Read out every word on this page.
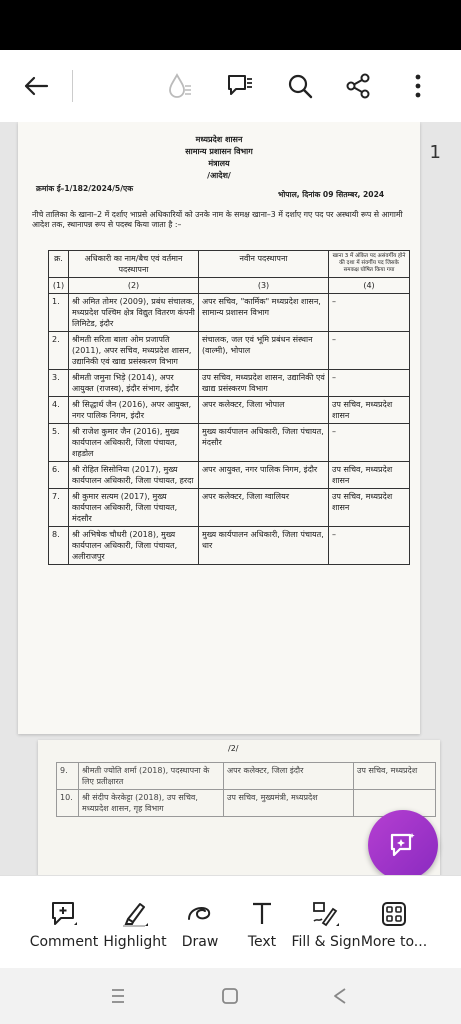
मध्यप्रदेश शासन
सामान्य प्रशासन विभाग
मंत्रालय
/आदेश/
क्रमांक ई–1/182/2024/5/एक
भोपाल, दिनांक 09 सितम्बर, 2024
नीचे तालिका के खाना–2 में दर्शाए भाप्रसे अधिकारियों को उनके नाम के समक्ष खाना–3 में दर्शाए गए पद पर अस्थायी रूप से आगामी आदेश तक, स्थानापन्न रूप से पदस्थ किया जाता है :–
क्र.	अधिकारी का नाम/बैच एवं वर्तमान पदस्थापना	नवीन पदस्थापना	खाना 3 में अंकित पद असंवर्गीय होने की दशा में संवर्गीय पद जिसके समकक्ष घोषित किया गया
(1)	(2)	(3)	(4)
1.	श्री अमित तोमर (2009), प्रबंध संचालक, मध्यप्रदेश पश्चिम क्षेत्र विद्युत वितरण कंपनी लिमिटेड, इंदौर	अपर सचिव, "कार्मिक" मध्यप्रदेश शासन, सामान्य प्रशासन विभाग	–
2.	श्रीमती सरिता बाला ओम प्रजापति (2011), अपर सचिव, मध्यप्रदेश शासन, उद्यानिकी एवं खाद्य प्रसंस्करण विभाग	संचालक, जल एवं भूमि प्रबंधन संस्थान (वाल्मी), भोपाल	–
3.	श्रीमती जमुना भिड़े (2014), अपर आयुक्त (राजस्व), इंदौर संभाग, इंदौर	उप सचिव, मध्यप्रदेश शासन, उद्यानिकी एवं खाद्य प्रसंस्करण विभाग	–
4.	श्री सिद्धार्थ जैन (2016), अपर आयुक्त, नगर पालिक निगम, इंदौर	अपर कलेक्टर, जिला भोपाल	उप सचिव, मध्यप्रदेश शासन
5.	श्री राजेश कुमार जैन (2016), मुख्य कार्यपालन अधिकारी, जिला पंचायत, शहडोल	मुख्य कार्यपालन अधिकारी, जिला पंचायत, मंदसौर	–
6.	श्री रोहित सिसोनिया (2017), मुख्य कार्यपालन अधिकारी, जिला पंचायत, हरदा	अपर आयुक्त, नगर पालिक निगम, इंदौर	उप सचिव, मध्यप्रदेश शासन
7.	श्री कुमार सत्यम (2017), मुख्य कार्यपालन अधिकारी, जिला पंचायत, मंदसौर	अपर कलेक्टर, जिला ग्वालियर	उप सचिव, मध्यप्रदेश शासन
8.	श्री अभिषेक चौधरी (2018), मुख्य कार्यपालन अधिकारी, जिला पंचायत, अलीराजपुर	मुख्य कार्यपालन अधिकारी, जिला पंचायत, धार	–
1
/2/
9.	श्रीमती ज्योति शर्मा (2018), पदस्थापना के लिए प्रतीक्षारत	अपर कलेक्टर, जिला इंदौर	उप सचिव, मध्यप्रदेश
10.	श्री संदीप केरकेट्टा (2018), उप सचिव, मध्यप्रदेश शासन, गृह विभाग	उप सचिव, मुख्यमंत्री, मध्यप्रदेश	
Comment Highlight	Draw	Text	Fill & Sign More to...
